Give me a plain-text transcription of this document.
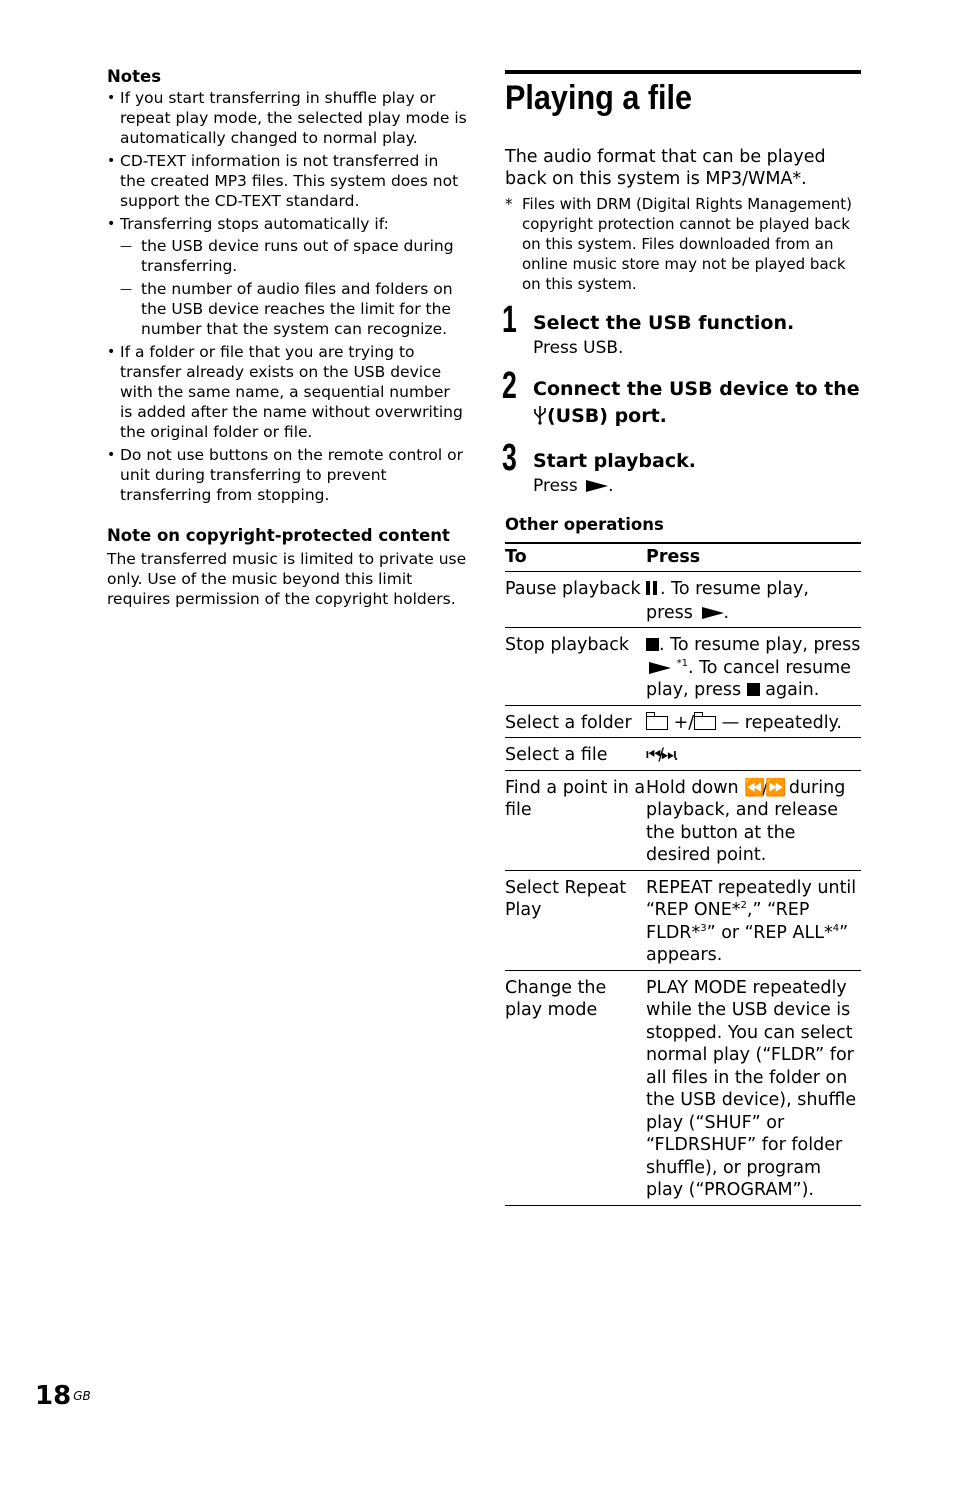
Notes

• If you start transferring in shuffle play or repeat play mode, the selected play mode is automatically changed to normal play.
• CD-TEXT information is not transferred in the created MP3 files. This system does not support the CD-TEXT standard.
• Transferring stops automatically if:
— the USB device runs out of space during transferring.
— the number of audio files and folders on the USB device reaches the limit for the number that the system can recognize.
• If a folder or file that you are trying to transfer already exists on the USB device with the same name, a sequential number is added after the name without overwriting the original folder or file.
• Do not use buttons on the remote control or unit during transferring to prevent transferring from stopping.

Note on copyright-protected content

The transferred music is limited to private use only. Use of the music beyond this limit requires permission of the copyright holders.

Playing a file

The audio format that can be played back on this system is MP3/WMA*.

* Files with DRM (Digital Rights Management) copyright protection cannot be played back on this system. Files downloaded from an online music store may not be played back on this system.
1 Select the USB function.

Press USB.

2 Connect the USB device to the
(USB) port.

3 Start playback.

Press .

Other operations
To	Press
Pause playback	. To resume play, press .
Stop playback	. To resume play, press  $^{*1}$. To cancel resume play, press again.
Select a folder	+/ — repeatedly.
Select a file	⏮/⏭.
Find a point in a file	Hold down ⏪/⏩ during playback, and release the button at the desired point.
Select Repeat Play	REPEAT repeatedly until “REP ONE*$^2$,” “REP FLDR*$^3$” or “REP ALL*$^4$” appears.
Change the play mode	PLAY MODE repeatedly while the USB device is stopped. You can select normal play (“FLDR” for all files in the folder on the USB device), shuffle play (“SHUF” or “FLDRSHUF” for folder shuffle), or program play (“PROGRAM”).
18 $^{GB}$
